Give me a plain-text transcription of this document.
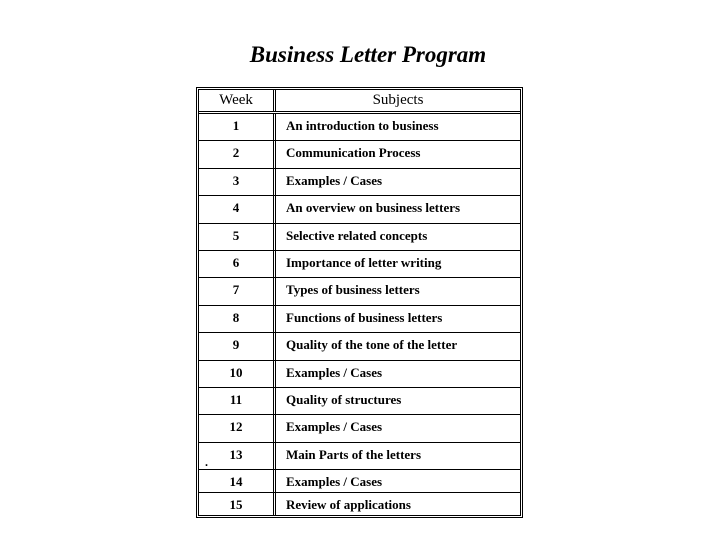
Business Letter Program
Week	Subjects
1	An introduction to business
2	Communication Process
3	Examples / Cases
4	An overview on business letters
5	Selective related concepts
6	Importance of letter writing
7	Types of business letters
8	Functions of business letters
9	Quality of the tone of the letter
10	Examples / Cases
11	Quality of structures
12	Examples / Cases
13	Main Parts of the letters
.
14	Examples / Cases
15	Review of applications
